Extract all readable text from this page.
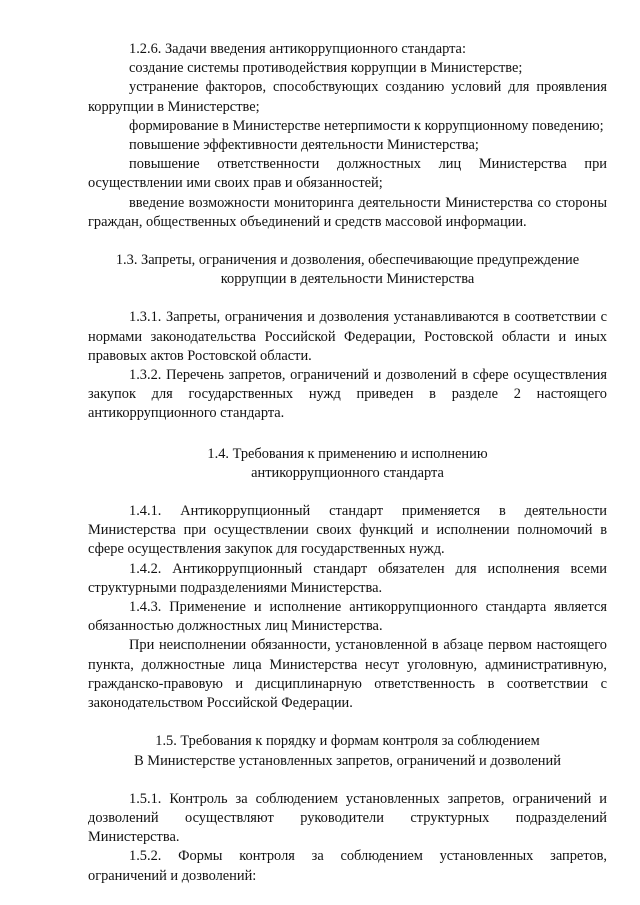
1.2.6. Задачи введения антикоррупционного стандарта:

создание системы противодействия коррупции в Министерстве;

устранение факторов, способствующих созданию условий для проявления коррупции в Министерстве;

формирование в Министерстве нетерпимости к коррупционному поведению;

повышение эффективности деятельности Министерства;

повышение ответственности должностных лиц Министерства при осуществлении ими своих прав и обязанностей;

введение возможности мониторинга деятельности Министерства со стороны граждан, общественных объединений и средств массовой информации.

1.3. Запреты, ограничения и дозволения, обеспечивающие предупреждение
коррупции в деятельности Министерства

1.3.1. Запреты, ограничения и дозволения устанавливаются в соответствии с нормами законодательства Российской Федерации, Ростовской области и иных правовых актов Ростовской области.

1.3.2. Перечень запретов, ограничений и дозволений в сфере осуществления закупок для государственных нужд приведен в разделе 2 настоящего антикоррупционного стандарта.

1.4. Требования к применению и исполнению
антикоррупционного стандарта

1.4.1. Антикоррупционный стандарт применяется в деятельности Министерства при осуществлении своих функций и исполнении полномочий в сфере осуществления закупок для государственных нужд.

1.4.2. Антикоррупционный стандарт обязателен для исполнения всеми структурными подразделениями Министерства.

1.4.3. Применение и исполнение антикоррупционного стандарта является обязанностью должностных лиц Министерства.

При неисполнении обязанности, установленной в абзаце первом настоящего пункта, должностные лица Министерства несут уголовную, административную, гражданско-правовую и дисциплинарную ответственность в соответствии с законодательством Российской Федерации.

1.5. Требования к порядку и формам контроля за соблюдением
В Министерстве установленных запретов, ограничений и дозволений

1.5.1. Контроль за соблюдением установленных запретов, ограничений и дозволений осуществляют руководители структурных подразделений Министерства.

1.5.2. Формы контроля за соблюдением установленных запретов, ограничений и дозволений:
